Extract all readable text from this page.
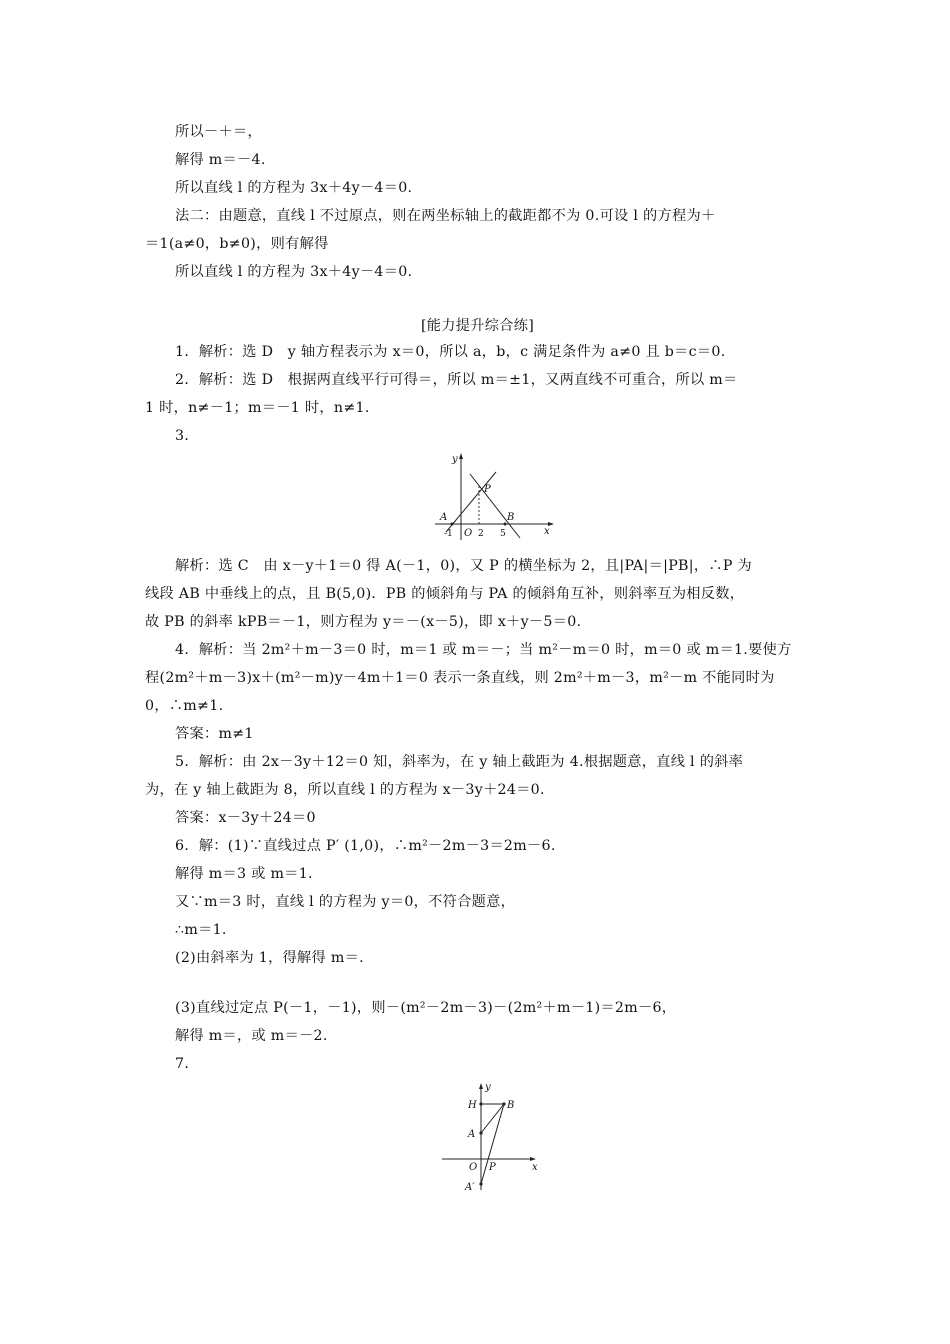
所以－＋＝，
解得 m＝－4.
所以直线 l 的方程为 3x＋4y－4＝0.
法二：由题意，直线 l 不过原点，则在两坐标轴上的截距都不为 0.可设 l 的方程为＋
＝1(a≠0，b≠0)，则有解得
所以直线 l 的方程为 3x＋4y－4＝0.
[能力提升综合练]
1．解析：选 D　y 轴方程表示为 x＝0，所以 a，b，c 满足条件为 a≠0 且 b＝c＝0.
2．解析：选 D　根据两直线平行可得＝，所以 m＝±1，又两直线不可重合，所以 m＝
1 时，n≠－1；m＝－1 时，n≠1.
3．
y
x
P
A	B
-1 O 2 5
解析：选 C　由 x－y＋1＝0 得 A(－1，0)，又 P 的横坐标为 2，且|PA|＝|PB|，∴P 为
线段 AB 中垂线上的点，且 B(5,0)．PB 的倾斜角与 PA 的倾斜角互补，则斜率互为相反数，
故 PB 的斜率 kPB＝－1，则方程为 y＝－(x－5)，即 x＋y－5＝0.
4．解析：当 2m²＋m－3＝0 时，m＝1 或 m＝－；当 m²－m＝0 时，m＝0 或 m＝1.要使方
程(2m²＋m－3)x＋(m²－m)y－4m＋1＝0 表示一条直线，则 2m²＋m－3，m²－m 不能同时为
0，∴m≠1.
答案：m≠1
5．解析：由 2x－3y＋12＝0 知，斜率为，在 y 轴上截距为 4.根据题意，直线 l 的斜率
为，在 y 轴上截距为 8，所以直线 l 的方程为 x－3y＋24＝0.
答案：x－3y＋24＝0
6．解：(1)∵直线过点 P′ (1,0)，∴m²－2m－3＝2m－6.
解得 m＝3 或 m＝1.
又∵m＝3 时，直线 l 的方程为 y＝0，不符合题意，
∴m＝1.
(2)由斜率为 1，得解得 m＝.
(3)直线过定点 P(－1，－1)，则－(m²－2m－3)－(2m²＋m－1)＝2m－6，
解得 m＝，或 m＝－2.
7．
y
x
H	B
A
O P
A′
